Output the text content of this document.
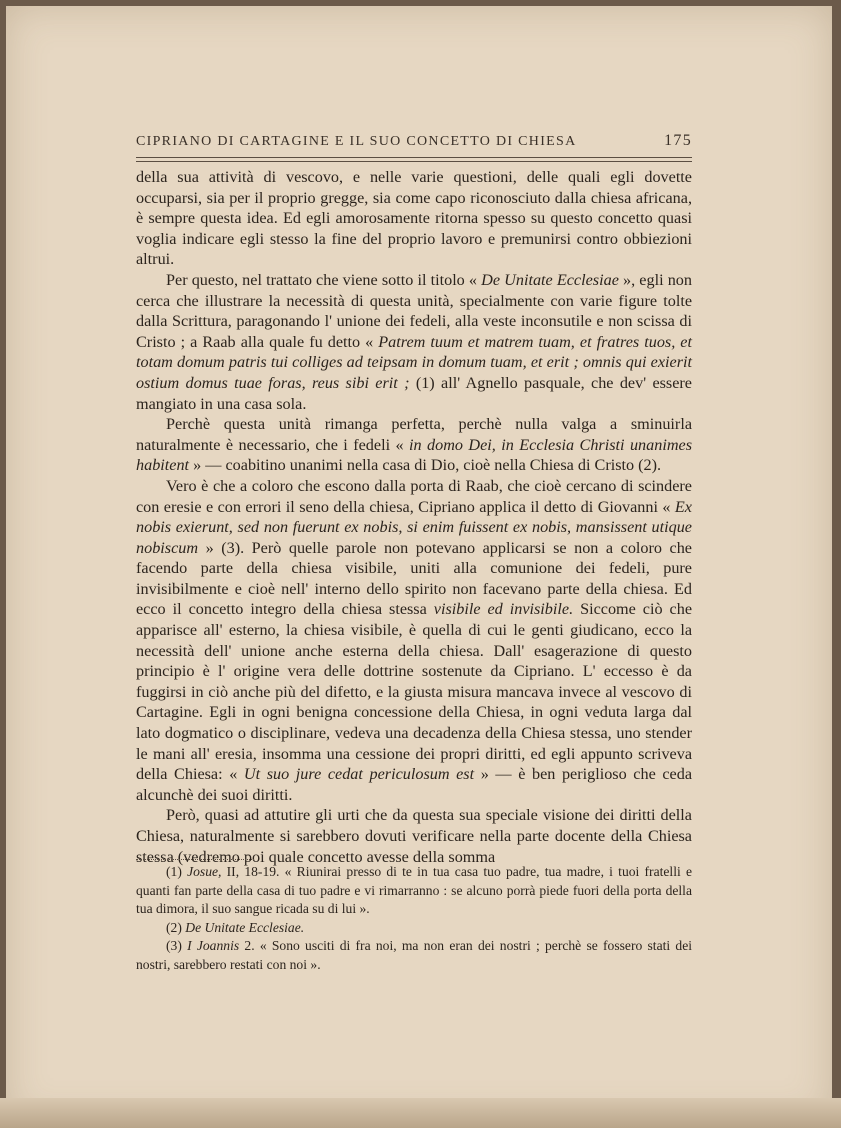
CIPRIANO DI CARTAGINE E IL SUO CONCETTO DI CHIESA	175

della sua attività di vescovo, e nelle varie questioni, delle quali egli dovette occuparsi, sia per il proprio gregge, sia come capo riconosciuto dalla chiesa africana, è sempre questa idea. Ed egli amorosamente ritorna spesso su questo concetto quasi voglia indicare egli stesso la fine del proprio lavoro e premunirsi contro obbiezioni altrui.

Per questo, nel trattato che viene sotto il titolo « De Unitate Ecclesiae », egli non cerca che illustrare la necessità di questa unità, specialmente con varie figure tolte dalla Scrittura, paragonando l' unione dei fedeli, alla veste inconsutile e non scissa di Cristo ; a Raab alla quale fu detto « Patrem tuum et matrem tuam, et fratres tuos, et totam domum patris tui colliges ad teipsam in domum tuam, et erit ; omnis qui exierit ostium domus tuae foras, reus sibi erit ; (1) all' Agnello pasquale, che dev' essere mangiato in una casa sola.

Perchè questa unità rimanga perfetta, perchè nulla valga a sminuirla naturalmente è necessario, che i fedeli « in domo Dei, in Ecclesia Christi unanimes habitent » — coabitino unanimi nella casa di Dio, cioè nella Chiesa di Cristo (2).

Vero è che a coloro che escono dalla porta di Raab, che cioè cercano di scindere con eresie e con errori il seno della chiesa, Cipriano applica il detto di Giovanni « Ex nobis exierunt, sed non fuerunt ex nobis, si enim fuissent ex nobis, mansissent utique nobiscum » (3). Però quelle parole non potevano applicarsi se non a coloro che facendo parte della chiesa visibile, uniti alla comunione dei fedeli, pure invisibilmente e cioè nell' interno dello spirito non facevano parte della chiesa. Ed ecco il concetto integro della chiesa stessa visibile ed invisibile. Siccome ciò che apparisce all' esterno, la chiesa visibile, è quella di cui le genti giudicano, ecco la necessità dell' unione anche esterna della chiesa. Dall' esagerazione di questo principio è l' origine vera delle dottrine sostenute da Cipriano. L' eccesso è da fuggirsi in ciò anche più del difetto, e la giusta misura mancava invece al vescovo di Cartagine. Egli in ogni benigna concessione della Chiesa, in ogni veduta larga dal lato dogmatico o disciplinare, vedeva una decadenza della Chiesa stessa, uno stender le mani all' eresia, insomma una cessione dei propri diritti, ed egli appunto scriveva della Chiesa: « Ut suo jure cedat periculosum est » — è ben periglioso che ceda alcunchè dei suoi diritti.

Però, quasi ad attutire gli urti che da questa sua speciale visione dei diritti della Chiesa, naturalmente si sarebbero dovuti verificare nella parte docente della Chiesa stessa (vedremo poi quale concetto avesse della somma

(1) Josue, II, 18-19. « Riunirai presso di te in tua casa tuo padre, tua madre, i tuoi fratelli e quanti fan parte della casa di tuo padre e vi rimarranno : se alcuno porrà piede fuori della porta della tua dimora, il suo sangue ricada su di lui ».

(2) De Unitate Ecclesiae.

(3) I Joannis 2. « Sono usciti di fra noi, ma non eran dei nostri ; perchè se fossero stati dei nostri, sarebbero restati con noi ».
